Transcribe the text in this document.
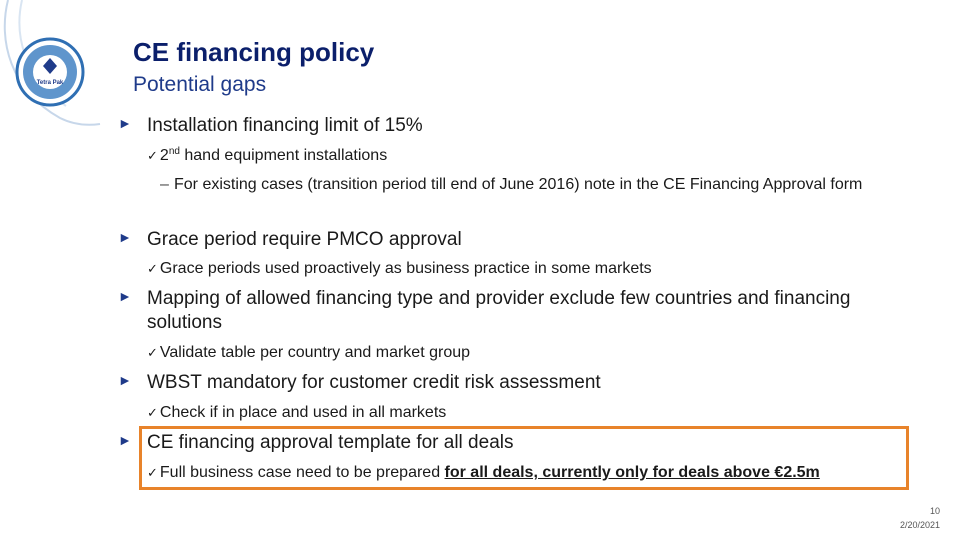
Tetra Pak
CE financing policy
Potential gaps
► Installation financing limit of 15%
✓ 2nd hand equipment installations
– For existing cases (transition period till end of June 2016) note in the CE Financing Approval form
► Grace period require PMCO approval
✓ Grace periods used proactively as business practice in some markets
► Mapping of allowed financing type and provider exclude few countries and financing solutions
✓ Validate table per country and market group
► WBST mandatory for customer credit risk assessment
✓ Check if in place and used in all markets
► CE financing approval template for all deals
✓ Full business case need to be prepared for all deals, currently only for deals above €2.5m
10
2/20/2021
